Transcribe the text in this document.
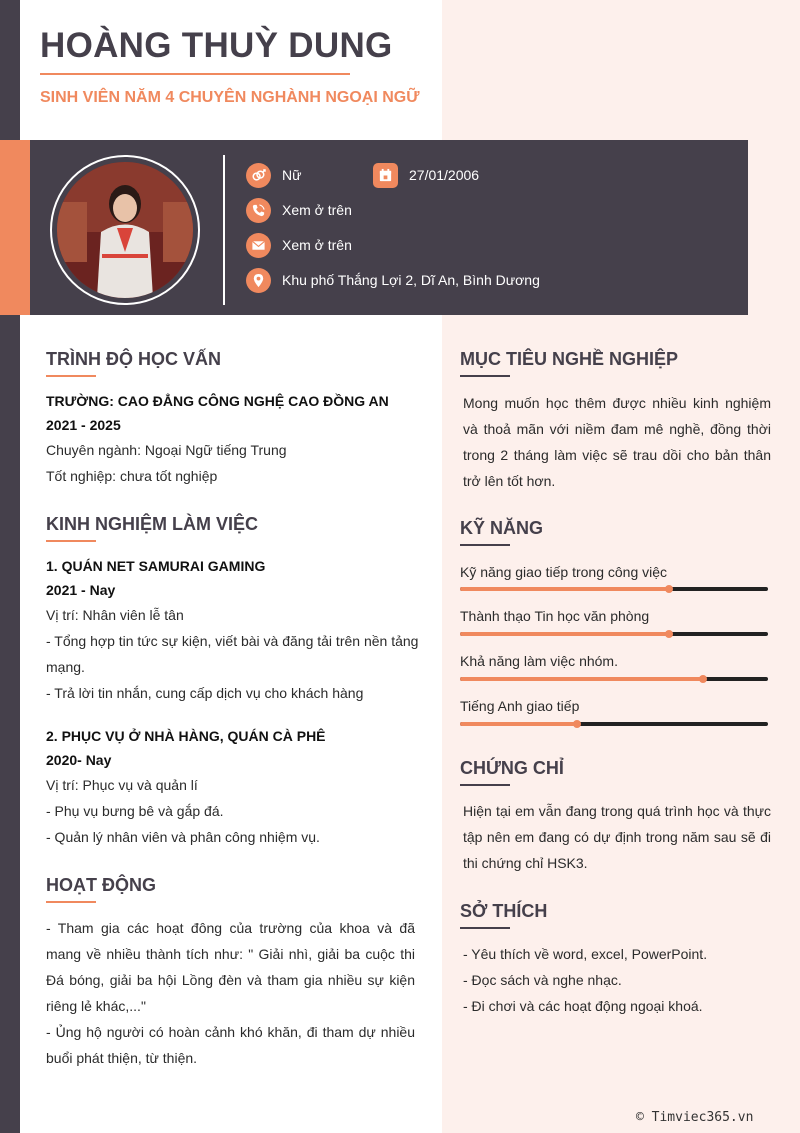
HOÀNG THUỲ DUNG
SINH VIÊN NĂM 4 CHUYÊN NGHÀNH NGOẠI NGỮ
Nữ	27/01/2006
Xem ở trên
Xem ở trên
Khu phố Thắng Lợi 2, Dĩ An, Bình Dương
TRÌNH ĐỘ HỌC VẤN
TRƯỜNG: CAO ĐẲNG CÔNG NGHỆ CAO ĐỒNG AN
2021 - 2025
Chuyên ngành: Ngoại Ngữ tiếng Trung
Tốt nghiệp: chưa tốt nghiệp
KINH NGHIỆM LÀM VIỆC
1. QUÁN NET SAMURAI GAMING
2021 - Nay
Vị trí: Nhân viên lễ tân
- Tổng hợp tin tức sự kiện, viết bài và đăng tải trên nền tảng
mạng.
- Trả lời tin nhắn, cung cấp dịch vụ cho khách hàng
2. PHỤC VỤ Ở NHÀ HÀNG, QUÁN CÀ PHÊ
2020- Nay
Vị trí: Phục vụ và quản lí
- Phụ vụ bưng bê và gắp đá.
- Quản lý nhân viên và phân công nhiệm vụ.
HOẠT ĐỘNG
- Tham gia các hoạt đông của trường của khoa và đã mang về nhiều thành tích như: " Giải nhì, giải ba cuộc thi Đá bóng, giải ba hội Lồng đèn và tham gia nhiều sự kiện riêng lẻ khác,..."
- Ủng hộ người có hoàn cảnh khó khăn, đi tham dự nhiều buổi phát thiện, từ thiện.
MỤC TIÊU NGHỀ NGHIỆP
Mong muốn học thêm được nhiều kinh nghiệm và thoả mãn với niềm đam mê nghề, đồng thời trong 2 tháng làm việc sẽ trau dồi cho bản thân trở lên tốt hơn.
KỸ NĂNG
Kỹ năng giao tiếp trong công việc
Thành thạo Tin học văn phòng
Khả năng làm việc nhóm.
Tiếng Anh giao tiếp
CHỨNG CHỈ
Hiện tại em vẫn đang trong quá trình học và thực tập nên em đang có dự định trong năm sau sẽ đi thi chứng chỉ HSK3.
SỞ THÍCH
- Yêu thích về word, excel, PowerPoint.
- Đọc sách và nghe nhạc.
- Đi chơi và các hoạt động ngoại khoá.
© Timviec365.vn
